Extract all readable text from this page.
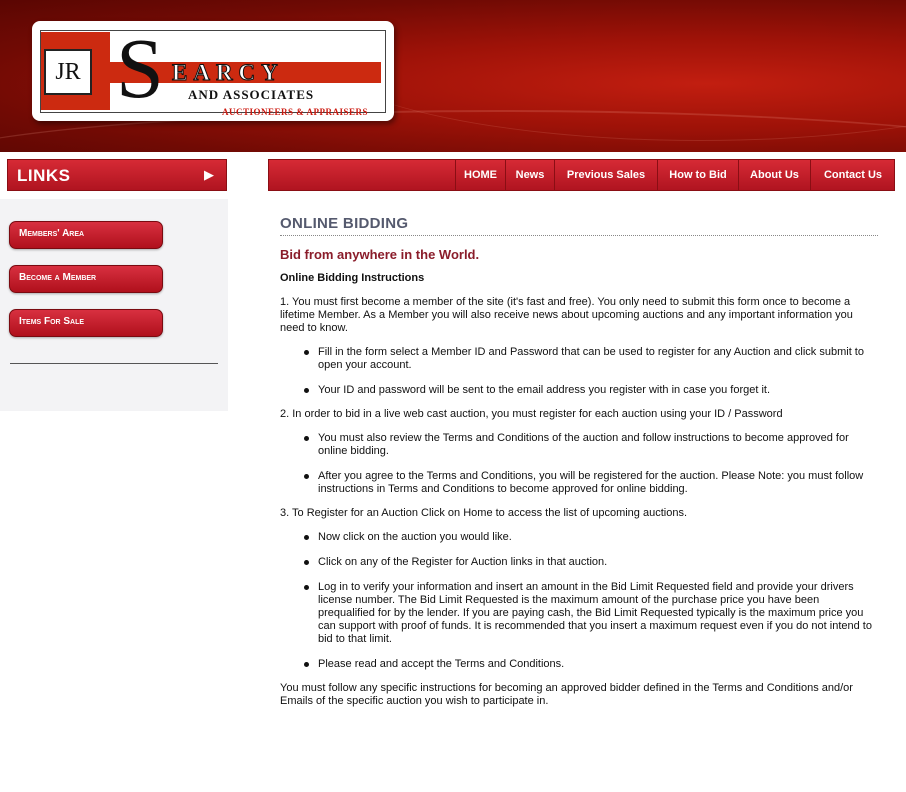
JR S EARCY
AND ASSOCIATES
AUCTIONEERS & APPRAISERS
LINKS	▶
Members' Area
Become a Member
Items For Sale
HOME	News	Previous Sales	How to Bid	About Us	Contact Us
ONLINE BIDDING
Bid from anywhere in the World.
Online Bidding Instructions

1. You must first become a member of the site (it's fast and free). You only need to submit this form once to become a lifetime Member. As a Member you will also receive news about upcoming auctions and any important information you need to know.

Fill in the form select a Member ID and Password that can be used to register for any Auction and click submit to open your account.
Your ID and password will be sent to the email address you register with in case you forget it.

2. In order to bid in a live web cast auction, you must register for each auction using your ID / Password

You must also review the Terms and Conditions of the auction and follow instructions to become approved for online bidding.
After you agree to the Terms and Conditions, you will be registered for the auction. Please Note: you must follow instructions in Terms and Conditions to become approved for online bidding.

3. To Register for an Auction Click on Home to access the list of upcoming auctions.

Now click on the auction you would like.
Click on any of the Register for Auction links in that auction.
Log in to verify your information and insert an amount in the Bid Limit Requested field and provide your drivers license number. The Bid Limit Requested is the maximum amount of the purchase price you have been prequalified for by the lender. If you are paying cash, the Bid Limit Requested typically is the maximum price you can support with proof of funds. It is recommended that you insert a maximum request even if you do not intend to bid to that limit.
Please read and accept the Terms and Conditions.

You must follow any specific instructions for becoming an approved bidder defined in the Terms and Conditions and/or Emails of the specific auction you wish to participate in.
